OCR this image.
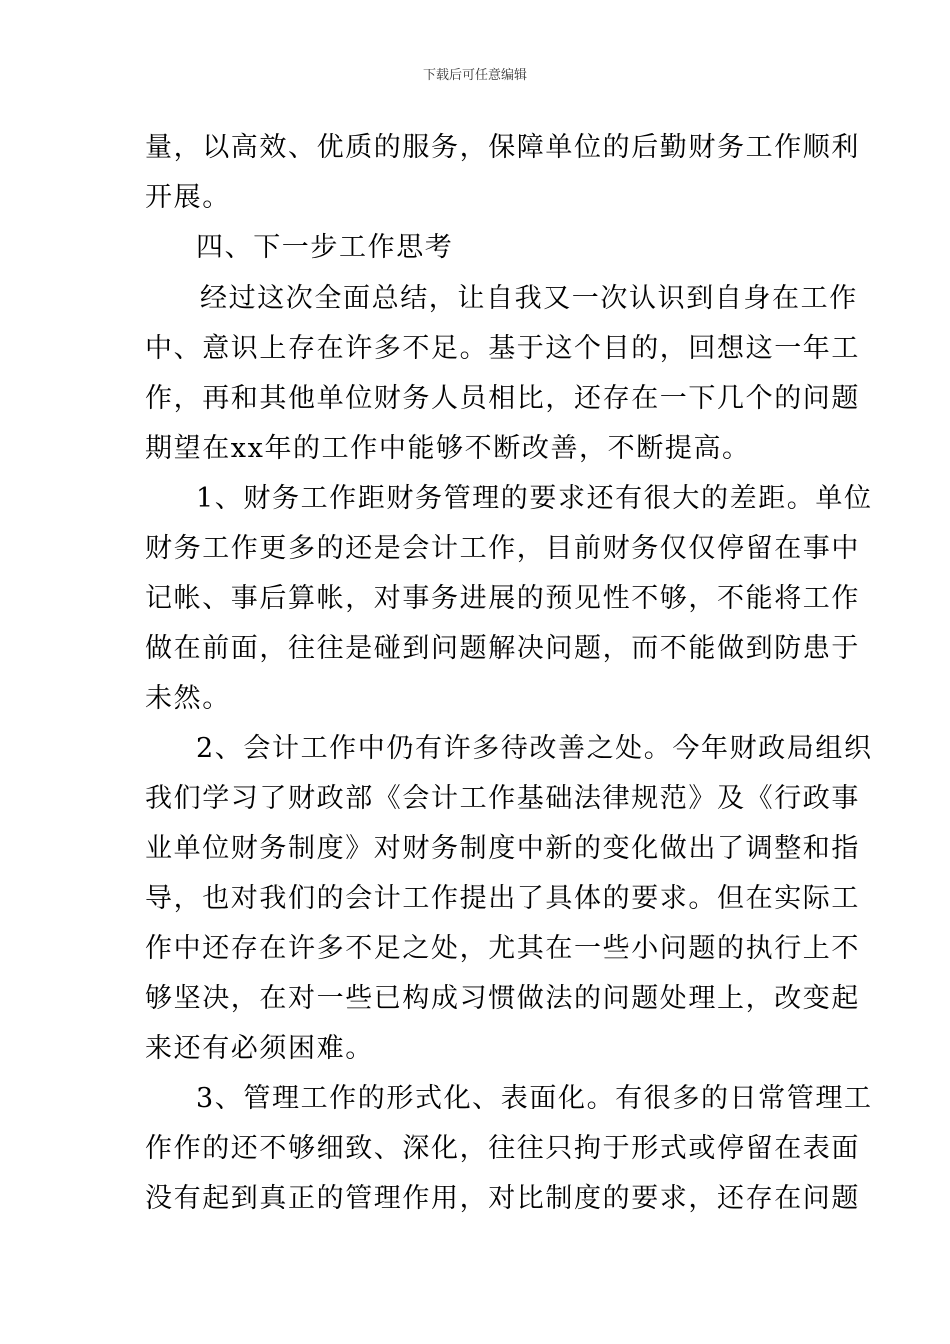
下载后可任意编辑
量，以高效、优质的服务，保障单位的后勤财务工作顺利
开展。
四、下一步工作思考
经过这次全面总结，让自我又一次认识到自身在工作
中、意识上存在许多不足。基于这个目的，回想这一年工
作，再和其他单位财务人员相比，还存在一下几个的问题
期望在xx年的工作中能够不断改善，不断提高。
1、财务工作距财务管理的要求还有很大的差距。单位
财务工作更多的还是会计工作，目前财务仅仅停留在事中
记帐、事后算帐，对事务进展的预见性不够，不能将工作
做在前面，往往是碰到问题解决问题，而不能做到防患于
未然。
2、会计工作中仍有许多待改善之处。今年财政局组织
我们学习了财政部《会计工作基础法律规范》及《行政事
业单位财务制度》对财务制度中新的变化做出了调整和指
导，也对我们的会计工作提出了具体的要求。但在实际工
作中还存在许多不足之处，尤其在一些小问题的执行上不
够坚决，在对一些已构成习惯做法的问题处理上，改变起
来还有必须困难。
3、管理工作的形式化、表面化。有很多的日常管理工
作作的还不够细致、深化，往往只拘于形式或停留在表面
没有起到真正的管理作用，对比制度的要求，还存在问题
